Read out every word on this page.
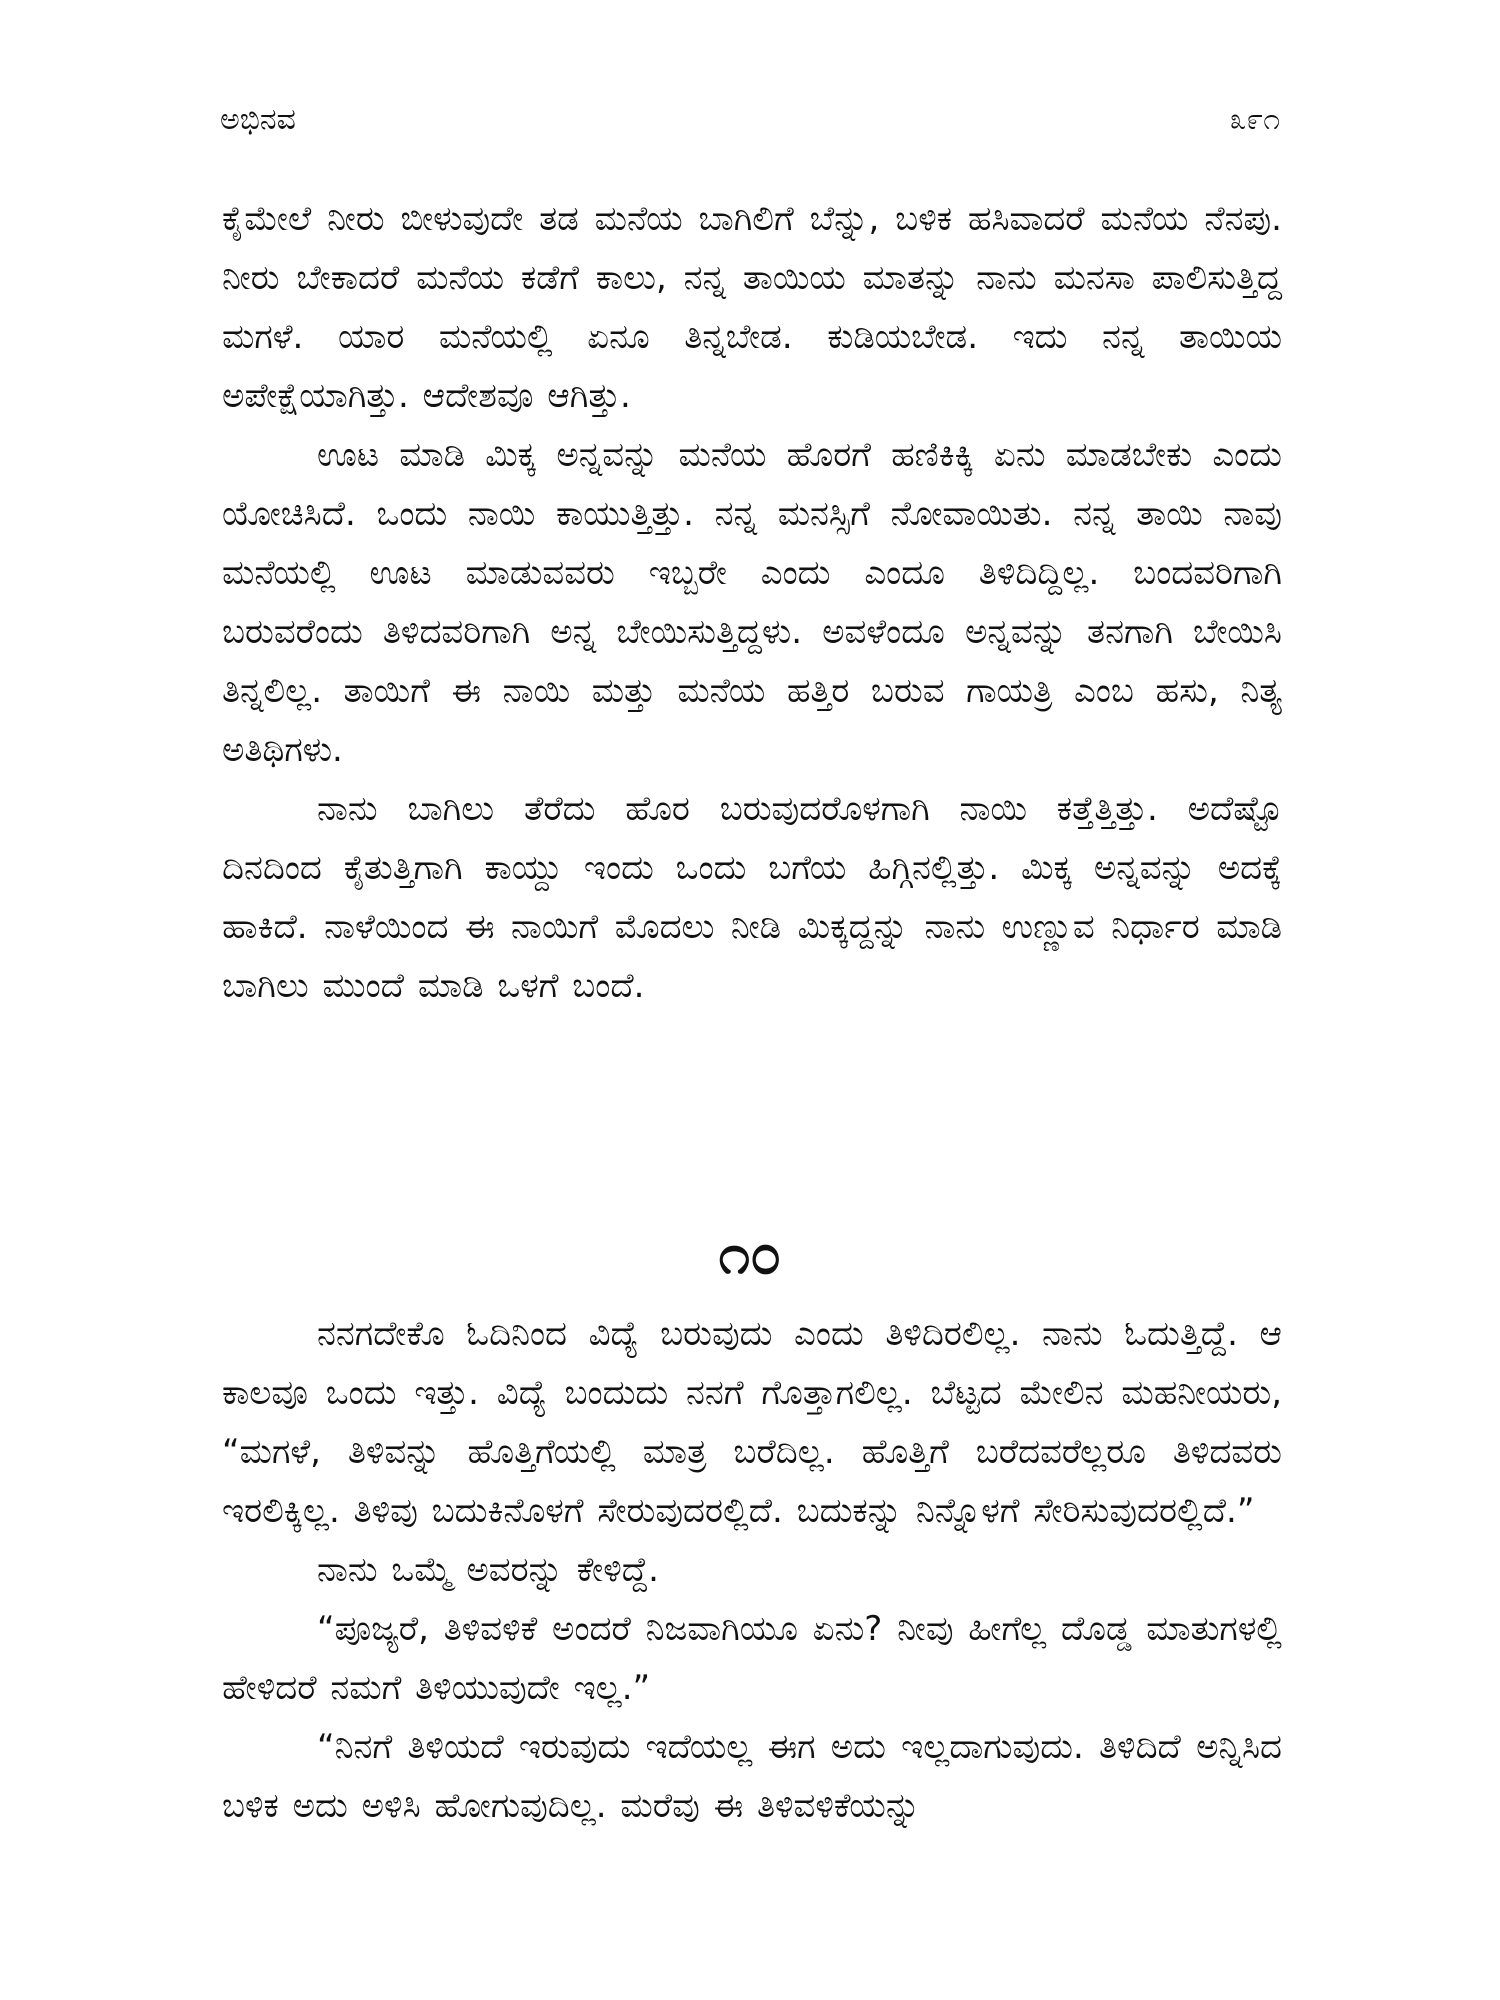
ಅಭಿನವ	೩೯೧

ಕೈಮೇಲೆ ನೀರು ಬೀಳುವುದೇ ತಡ ಮನೆಯ ಬಾಗಿಲಿಗೆ ಬೆನ್ನು, ಬಳಿಕ ಹಸಿವಾದರೆ ಮನೆಯ ನೆನಪು. ನೀರು ಬೇಕಾದರೆ ಮನೆಯ ಕಡೆಗೆ ಕಾಲು, ನನ್ನ ತಾಯಿಯ ಮಾತನ್ನು ನಾನು ಮನಸಾ ಪಾಲಿಸುತ್ತಿದ್ದ ಮಗಳೆ. ಯಾರ ಮನೆಯಲ್ಲಿ ಏನೂ ತಿನ್ನಬೇಡ. ಕುಡಿಯಬೇಡ. ಇದು ನನ್ನ ತಾಯಿಯ ಅಪೇಕ್ಷೆಯಾಗಿತ್ತು. ಆದೇಶವೂ ಆಗಿತ್ತು.

ಊಟ ಮಾಡಿ ಮಿಕ್ಕ ಅನ್ನವನ್ನು ಮನೆಯ ಹೊರಗೆ ಹಣಿಕಿಕ್ಕಿ ಏನು ಮಾಡಬೇಕು ಎಂದು ಯೋಚಿಸಿದೆ. ಒಂದು ನಾಯಿ ಕಾಯುತ್ತಿತ್ತು. ನನ್ನ ಮನಸ್ಸಿಗೆ ನೋವಾಯಿತು. ನನ್ನ ತಾಯಿ ನಾವು ಮನೆಯಲ್ಲಿ ಊಟ ಮಾಡುವವರು ಇಬ್ಬರೇ ಎಂದು ಎಂದೂ ತಿಳಿದಿದ್ದಿಲ್ಲ. ಬಂದವರಿಗಾಗಿ ಬರುವರೆಂದು ತಿಳಿದವರಿಗಾಗಿ ಅನ್ನ ಬೇಯಿಸುತ್ತಿದ್ದಳು. ಅವಳೆಂದೂ ಅನ್ನವನ್ನು ತನಗಾಗಿ ಬೇಯಿಸಿ ತಿನ್ನಲಿಲ್ಲ. ತಾಯಿಗೆ ಈ ನಾಯಿ ಮತ್ತು ಮನೆಯ ಹತ್ತಿರ ಬರುವ ಗಾಯತ್ರಿ ಎಂಬ ಹಸು, ನಿತ್ಯ ಅತಿಥಿಗಳು.

ನಾನು ಬಾಗಿಲು ತೆರೆದು ಹೊರ ಬರುವುದರೊಳಗಾಗಿ ನಾಯಿ ಕತ್ತೆತ್ತಿತ್ತು. ಅದೆಷ್ಟೊ ದಿನದಿಂದ ಕೈತುತ್ತಿಗಾಗಿ ಕಾಯ್ದು ಇಂದು ಒಂದು ಬಗೆಯ ಹಿಗ್ಗಿನಲ್ಲಿತ್ತು. ಮಿಕ್ಕ ಅನ್ನವನ್ನು ಅದಕ್ಕೆ ಹಾಕಿದೆ. ನಾಳೆಯಿಂದ ಈ ನಾಯಿಗೆ ಮೊದಲು ನೀಡಿ ಮಿಕ್ಕದ್ದನ್ನು ನಾನು ಉಣ್ಣುವ ನಿರ್ಧಾರ ಮಾಡಿ ಬಾಗಿಲು ಮುಂದೆ ಮಾಡಿ ಒಳಗೆ ಬಂದೆ.

೧೦

ನನಗದೇಕೊ ಓದಿನಿಂದ ವಿದ್ಯೆ ಬರುವುದು ಎಂದು ತಿಳಿದಿರಲಿಲ್ಲ. ನಾನು ಓದುತ್ತಿದ್ದೆ. ಆ ಕಾಲವೂ ಒಂದು ಇತ್ತು. ವಿದ್ಯೆ ಬಂದುದು ನನಗೆ ಗೊತ್ತಾಗಲಿಲ್ಲ. ಬೆಟ್ಟದ ಮೇಲಿನ ಮಹನೀಯರು, “ಮಗಳೆ, ತಿಳಿವನ್ನು ಹೊತ್ತಿಗೆಯಲ್ಲಿ ಮಾತ್ರ ಬರೆದಿಲ್ಲ. ಹೊತ್ತಿಗೆ ಬರೆದವರೆಲ್ಲರೂ ತಿಳಿದವರು ಇರಲಿಕ್ಕಿಲ್ಲ. ತಿಳಿವು ಬದುಕಿನೊಳಗೆ ಸೇರುವುದರಲ್ಲಿದೆ. ಬದುಕನ್ನು ನಿನ್ನೊಳಗೆ ಸೇರಿಸುವುದರಲ್ಲಿದೆ.”

ನಾನು ಒಮ್ಮೆ ಅವರನ್ನು ಕೇಳಿದ್ದೆ.

“ಪೂಜ್ಯರೆ, ತಿಳಿವಳಿಕೆ ಅಂದರೆ ನಿಜವಾಗಿಯೂ ಏನು? ನೀವು ಹೀಗೆಲ್ಲ ದೊಡ್ಡ ಮಾತುಗಳಲ್ಲಿ ಹೇಳಿದರೆ ನಮಗೆ ತಿಳಿಯುವುದೇ ಇಲ್ಲ.”

“ನಿನಗೆ ತಿಳಿಯದೆ ಇರುವುದು ಇದೆಯಲ್ಲ ಈಗ ಅದು ಇಲ್ಲದಾಗುವುದು. ತಿಳಿದಿದೆ ಅನ್ನಿಸಿದ ಬಳಿಕ ಅದು ಅಳಿಸಿ ಹೋಗುವುದಿಲ್ಲ. ಮರೆವು ಈ ತಿಳಿವಳಿಕೆಯನ್ನು
